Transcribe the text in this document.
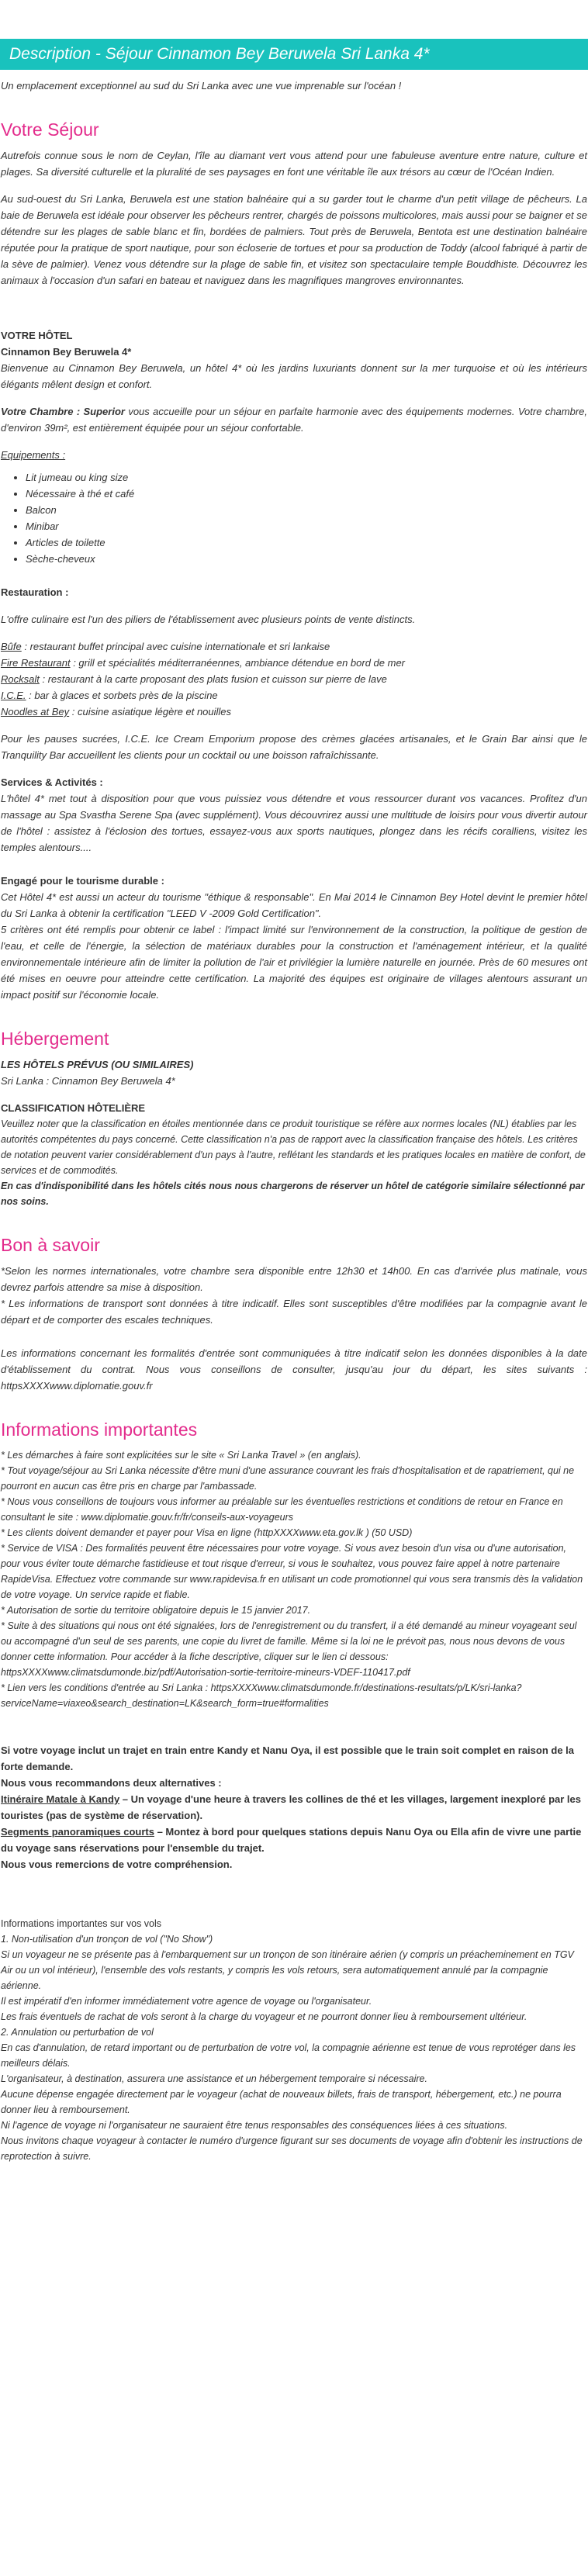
Description - Séjour Cinnamon Bey Beruwela Sri Lanka 4*

Un emplacement exceptionnel au sud du Sri Lanka avec une vue imprenable sur l'océan !

Votre Séjour

Autrefois connue sous le nom de Ceylan, l'île au diamant vert vous attend pour une fabuleuse aventure entre nature, culture et plages. Sa diversité culturelle et la pluralité de ses paysages en font une véritable île aux trésors au cœur de l'Océan Indien.

Au sud-ouest du Sri Lanka, Beruwela est une station balnéaire qui a su garder tout le charme d'un petit village de pêcheurs. La baie de Beruwela est idéale pour observer les pêcheurs rentrer, chargés de poissons multicolores, mais aussi pour se baigner et se détendre sur les plages de sable blanc et fin, bordées de palmiers. Tout près de Beruwela, Bentota est une destination balnéaire réputée pour la pratique de sport nautique, pour son écloserie de tortues et pour sa production de Toddy (alcool fabriqué à partir de la sève de palmier). Venez vous détendre sur la plage de sable fin, et visitez son spectaculaire temple Bouddhiste. Découvrez les animaux à l'occasion d'un safari en bateau et naviguez dans les magnifiques mangroves environnantes.

VOTRE HÔTEL

Cinnamon Bey Beruwela 4*

Bienvenue au Cinnamon Bey Beruwela, un hôtel 4* où les jardins luxuriants donnent sur la mer turquoise et où les intérieurs élégants mêlent design et confort.

Votre Chambre : Superior vous accueille pour un séjour en parfaite harmonie avec des équipements modernes. Votre chambre, d'environ 39m², est entièrement équipée pour un séjour confortable.

Equipements :

• Lit jumeau ou king size
• Nécessaire à thé et café
• Balcon
• Minibar
• Articles de toilette
• Sèche-cheveux

Restauration :

L'offre culinaire est l'un des piliers de l'établissement avec plusieurs points de vente distincts.

Bûfe : restaurant buffet principal avec cuisine internationale et sri lankaise

Fire Restaurant : grill et spécialités méditerranéennes, ambiance détendue en bord de mer

Rocksalt : restaurant à la carte proposant des plats fusion et cuisson sur pierre de lave

I.C.E. : bar à glaces et sorbets près de la piscine

Noodles at Bey : cuisine asiatique légère et nouilles

Pour les pauses sucrées, I.C.E. Ice Cream Emporium propose des crèmes glacées artisanales, et le Grain Bar ainsi que le Tranquility Bar accueillent les clients pour un cocktail ou une boisson rafraîchissante.

Services & Activités :

L'hôtel 4* met tout à disposition pour que vous puissiez vous détendre et vous ressourcer durant vos vacances. Profitez d'un massage au Spa Svastha Serene Spa (avec supplément). Vous découvrirez aussi une multitude de loisirs pour vous divertir autour de l'hôtel : assistez à l'éclosion des tortues, essayez-vous aux sports nautiques, plongez dans les récifs coralliens, visitez les temples alentours....

Engagé pour le tourisme durable :

Cet Hôtel 4* est aussi un acteur du tourisme "éthique & responsable". En Mai 2014 le Cinnamon Bey Hotel devint le premier hôtel du Sri Lanka à obtenir la certification "LEED V -2009 Gold Certification".

5 critères ont été remplis pour obtenir ce label : l'impact limité sur l'environnement de la construction, la politique de gestion de l'eau, et celle de l'énergie, la sélection de matériaux durables pour la construction et l'aménagement intérieur, et la qualité environnementale intérieure afin de limiter la pollution de l'air et privilégier la lumière naturelle en journée. Près de 60 mesures ont été mises en oeuvre pour atteindre cette certification. La majorité des équipes est originaire de villages alentours assurant un impact positif sur l'économie locale.

Hébergement

LES HÔTELS PRÉVUS (OU SIMILAIRES)

Sri Lanka : Cinnamon Bey Beruwela 4*

CLASSIFICATION HÔTELIÈRE

Veuillez noter que la classification en étoiles mentionnée dans ce produit touristique se réfère aux normes locales (NL) établies par les autorités compétentes du pays concerné. Cette classification n'a pas de rapport avec la classification française des hôtels. Les critères de notation peuvent varier considérablement d'un pays à l'autre, reflétant les standards et les pratiques locales en matière de confort, de services et de commodités.

En cas d'indisponibilité dans les hôtels cités nous nous chargerons de réserver un hôtel de catégorie similaire sélectionné par nos soins.

Bon à savoir

*Selon les normes internationales, votre chambre sera disponible entre 12h30 et 14h00. En cas d'arrivée plus matinale, vous devrez parfois attendre sa mise à disposition.

* Les informations de transport sont données à titre indicatif. Elles sont susceptibles d'être modifiées par la compagnie avant le départ et de comporter des escales techniques.

Les informations concernant les formalités d'entrée sont communiquées à titre indicatif selon les données disponibles à la date d'établissement du contrat. Nous vous conseillons de consulter, jusqu'au jour du départ, les sites suivants : httpsXXXXwww.diplomatie.gouv.fr

Informations importantes

* Les démarches à faire sont explicitées sur le site « Sri Lanka Travel » (en anglais).

* Tout voyage/séjour au Sri Lanka nécessite d'être muni d'une assurance couvrant les frais d'hospitalisation et de rapatriement, qui ne pourront en aucun cas être pris en charge par l'ambassade.

* Nous vous conseillons de toujours vous informer au préalable sur les éventuelles restrictions et conditions de retour en France en consultant le site : www.diplomatie.gouv.fr/fr/conseils-aux-voyageurs

* Les clients doivent demander et payer pour Visa en ligne (httpXXXXwww.eta.gov.lk ) (50 USD)

* Service de VISA : Des formalités peuvent être nécessaires pour votre voyage. Si vous avez besoin d'un visa ou d'une autorisation, pour vous éviter toute démarche fastidieuse et tout risque d'erreur, si vous le souhaitez, vous pouvez faire appel à notre partenaire RapideVisa. Effectuez votre commande sur www.rapidevisa.fr en utilisant un code promotionnel qui vous sera transmis dès la validation de votre voyage. Un service rapide et fiable.

* Autorisation de sortie du territoire obligatoire depuis le 15 janvier 2017.

* Suite à des situations qui nous ont été signalées, lors de l'enregistrement ou du transfert, il a été demandé au mineur voyageant seul ou accompagné d'un seul de ses parents, une copie du livret de famille. Même si la loi ne le prévoit pas, nous nous devons de vous donner cette information. Pour accéder à la fiche descriptive, cliquer sur le lien ci dessous: httpsXXXXwww.climatsdumonde.biz/pdf/Autorisation-sortie-territoire-mineurs-VDEF-110417.pdf

* Lien vers les conditions d'entrée au Sri Lanka : httpsXXXXwww.climatsdumonde.fr/destinations-resultats/p/LK/sri-lanka?serviceName=viaxeo&search_destination=LK&search_form=true#formalities

Si votre voyage inclut un trajet en train entre Kandy et Nanu Oya, il est possible que le train soit complet en raison de la forte demande.

Nous vous recommandons deux alternatives :

Itinéraire Matale à Kandy – Un voyage d'une heure à travers les collines de thé et les villages, largement inexploré par les touristes (pas de système de réservation).

Segments panoramiques courts – Montez à bord pour quelques stations depuis Nanu Oya ou Ella afin de vivre une partie du voyage sans réservations pour l'ensemble du trajet.

Nous vous remercions de votre compréhension.

Informations importantes sur vos vols

1. Non-utilisation d'un tronçon de vol ("No Show")

Si un voyageur ne se présente pas à l'embarquement sur un tronçon de son itinéraire aérien (y compris un préacheminement en TGV Air ou un vol intérieur), l'ensemble des vols restants, y compris les vols retours, sera automatiquement annulé par la compagnie aérienne.

Il est impératif d'en informer immédiatement votre agence de voyage ou l'organisateur.

Les frais éventuels de rachat de vols seront à la charge du voyageur et ne pourront donner lieu à remboursement ultérieur.

2. Annulation ou perturbation de vol

En cas d'annulation, de retard important ou de perturbation de votre vol, la compagnie aérienne est tenue de vous reprotéger dans les meilleurs délais.

L'organisateur, à destination, assurera une assistance et un hébergement temporaire si nécessaire.

Aucune dépense engagée directement par le voyageur (achat de nouveaux billets, frais de transport, hébergement, etc.) ne pourra donner lieu à remboursement.

Ni l'agence de voyage ni l'organisateur ne sauraient être tenus responsables des conséquences liées à ces situations.

Nous invitons chaque voyageur à contacter le numéro d'urgence figurant sur ses documents de voyage afin d'obtenir les instructions de reprotection à suivre.
